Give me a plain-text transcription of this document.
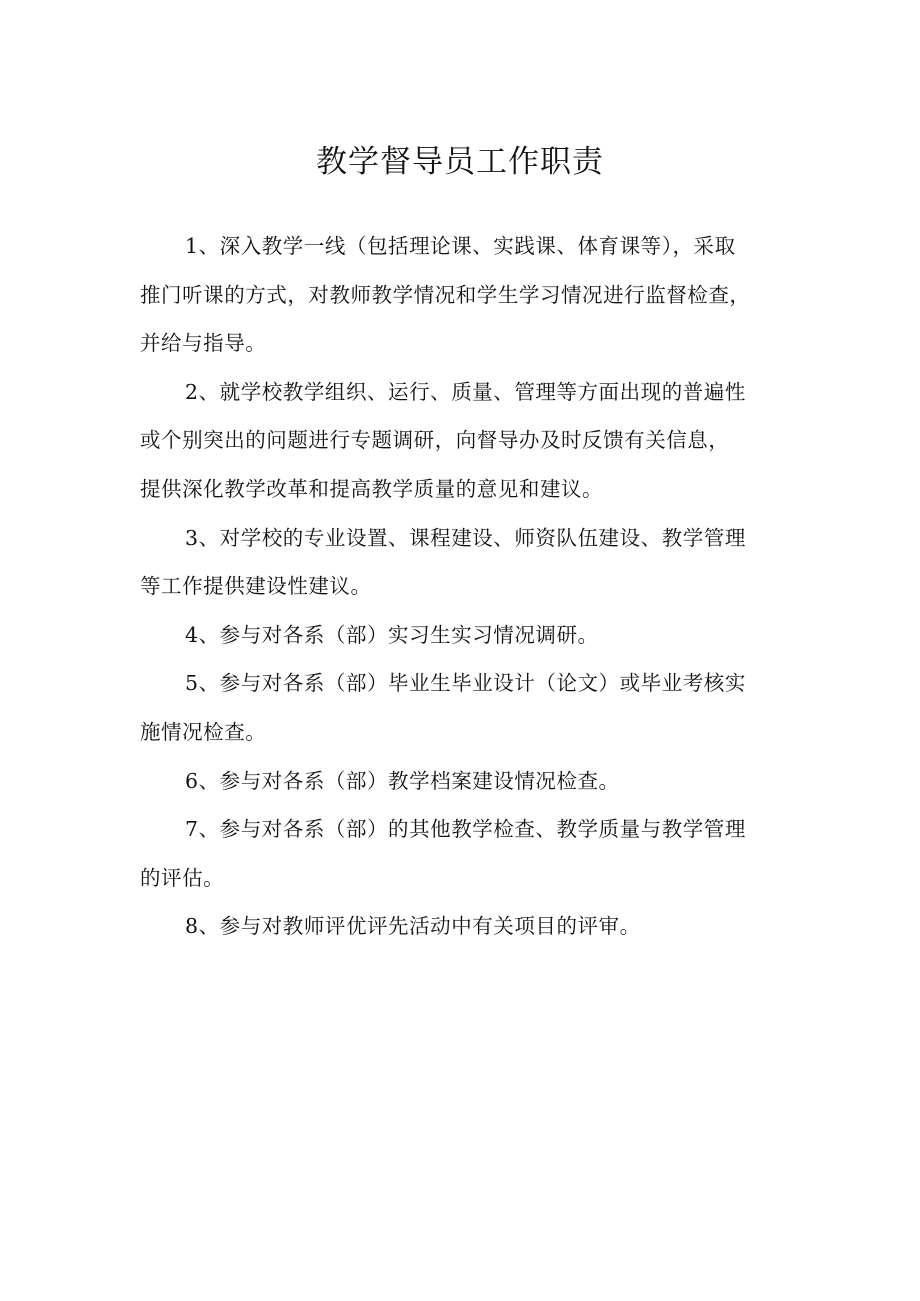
教学督导员工作职责

1、深入教学一线（包括理论课、实践课、体育课等），采取
推门听课的方式，对教师教学情况和学生学习情况进行监督检查，
并给与指导。

2、就学校教学组织、运行、质量、管理等方面出现的普遍性
或个别突出的问题进行专题调研，向督导办及时反馈有关信息，
提供深化教学改革和提高教学质量的意见和建议。

3、对学校的专业设置、课程建设、师资队伍建设、教学管理
等工作提供建设性建议。

4、参与对各系（部）实习生实习情况调研。

5、参与对各系（部）毕业生毕业设计（论文）或毕业考核实
施情况检查。

6、参与对各系（部）教学档案建设情况检查。

7、参与对各系（部）的其他教学检查、教学质量与教学管理
的评估。

8、参与对教师评优评先活动中有关项目的评审。
